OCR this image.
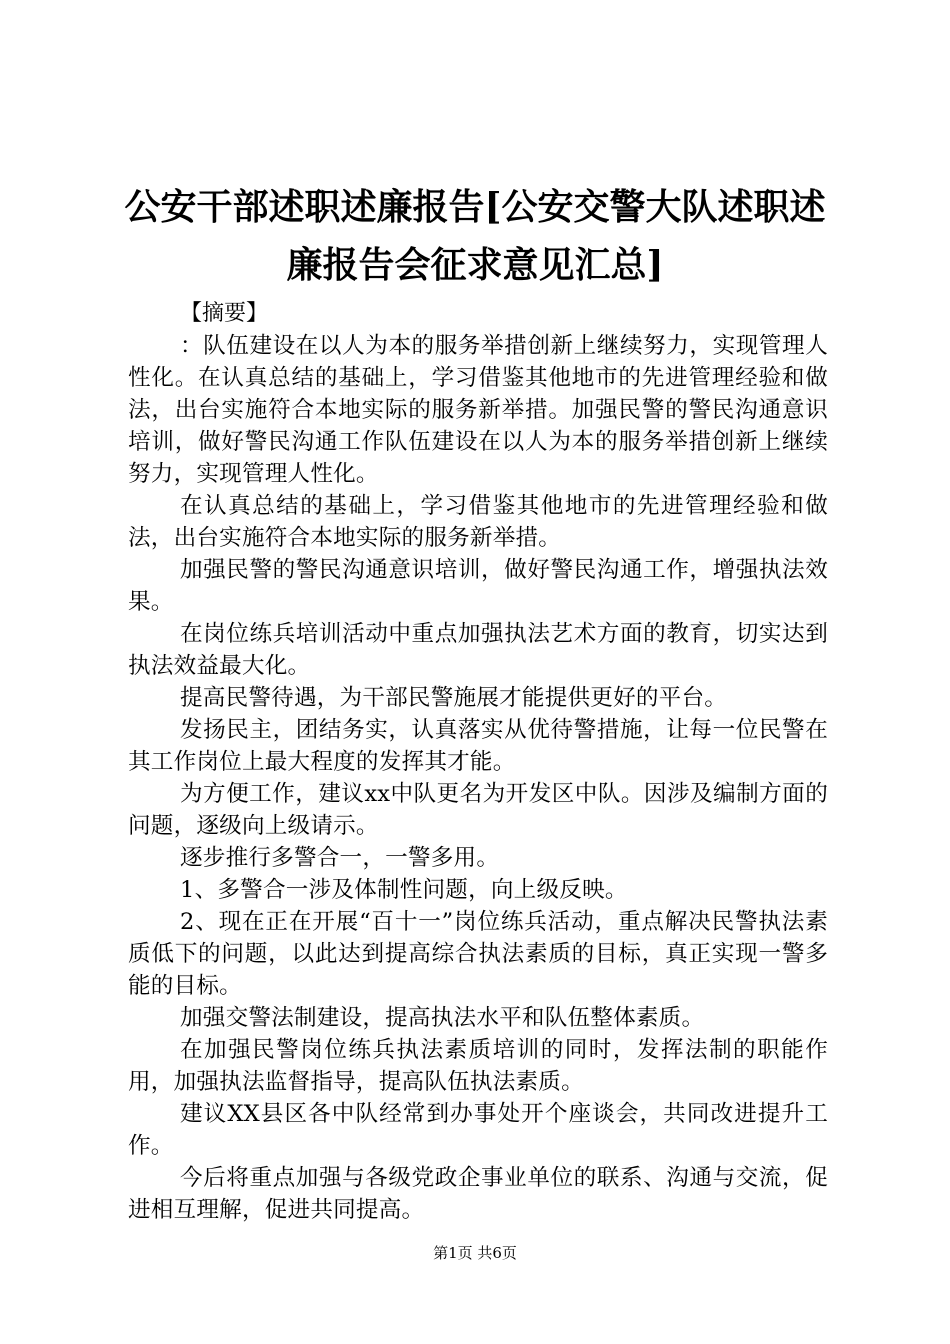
公安干部述职述廉报告[公安交警大队述职述
廉报告会征求意见汇总]

【摘要】

：队伍建设在以人为本的服务举措创新上继续努力，实现管理人性化。在认真总结的基础上，学习借鉴其他地市的先进管理经验和做法，出台实施符合本地实际的服务新举措。加强民警的警民沟通意识培训，做好警民沟通工作队伍建设在以人为本的服务举措创新上继续努力，实现管理人性化。

在认真总结的基础上，学习借鉴其他地市的先进管理经验和做法，出台实施符合本地实际的服务新举措。

加强民警的警民沟通意识培训，做好警民沟通工作，增强执法效果。

在岗位练兵培训活动中重点加强执法艺术方面的教育，切实达到执法效益最大化。

提高民警待遇，为干部民警施展才能提供更好的平台。

发扬民主，团结务实，认真落实从优待警措施，让每一位民警在其工作岗位上最大程度的发挥其才能。

为方便工作，建议xx中队更名为开发区中队。因涉及编制方面的问题，逐级向上级请示。

逐步推行多警合一，一警多用。

1、多警合一涉及体制性问题，向上级反映。

2、现在正在开展“百十一”岗位练兵活动，重点解决民警执法素质低下的问题，以此达到提高综合执法素质的目标，真正实现一警多能的目标。

加强交警法制建设，提高执法水平和队伍整体素质。

在加强民警岗位练兵执法素质培训的同时，发挥法制的职能作用，加强执法监督指导，提高队伍执法素质。

建议XX县区各中队经常到办事处开个座谈会，共同改进提升工作。

今后将重点加强与各级党政企事业单位的联系、沟通与交流，促进相互理解，促进共同提高。

第1页 共6页
